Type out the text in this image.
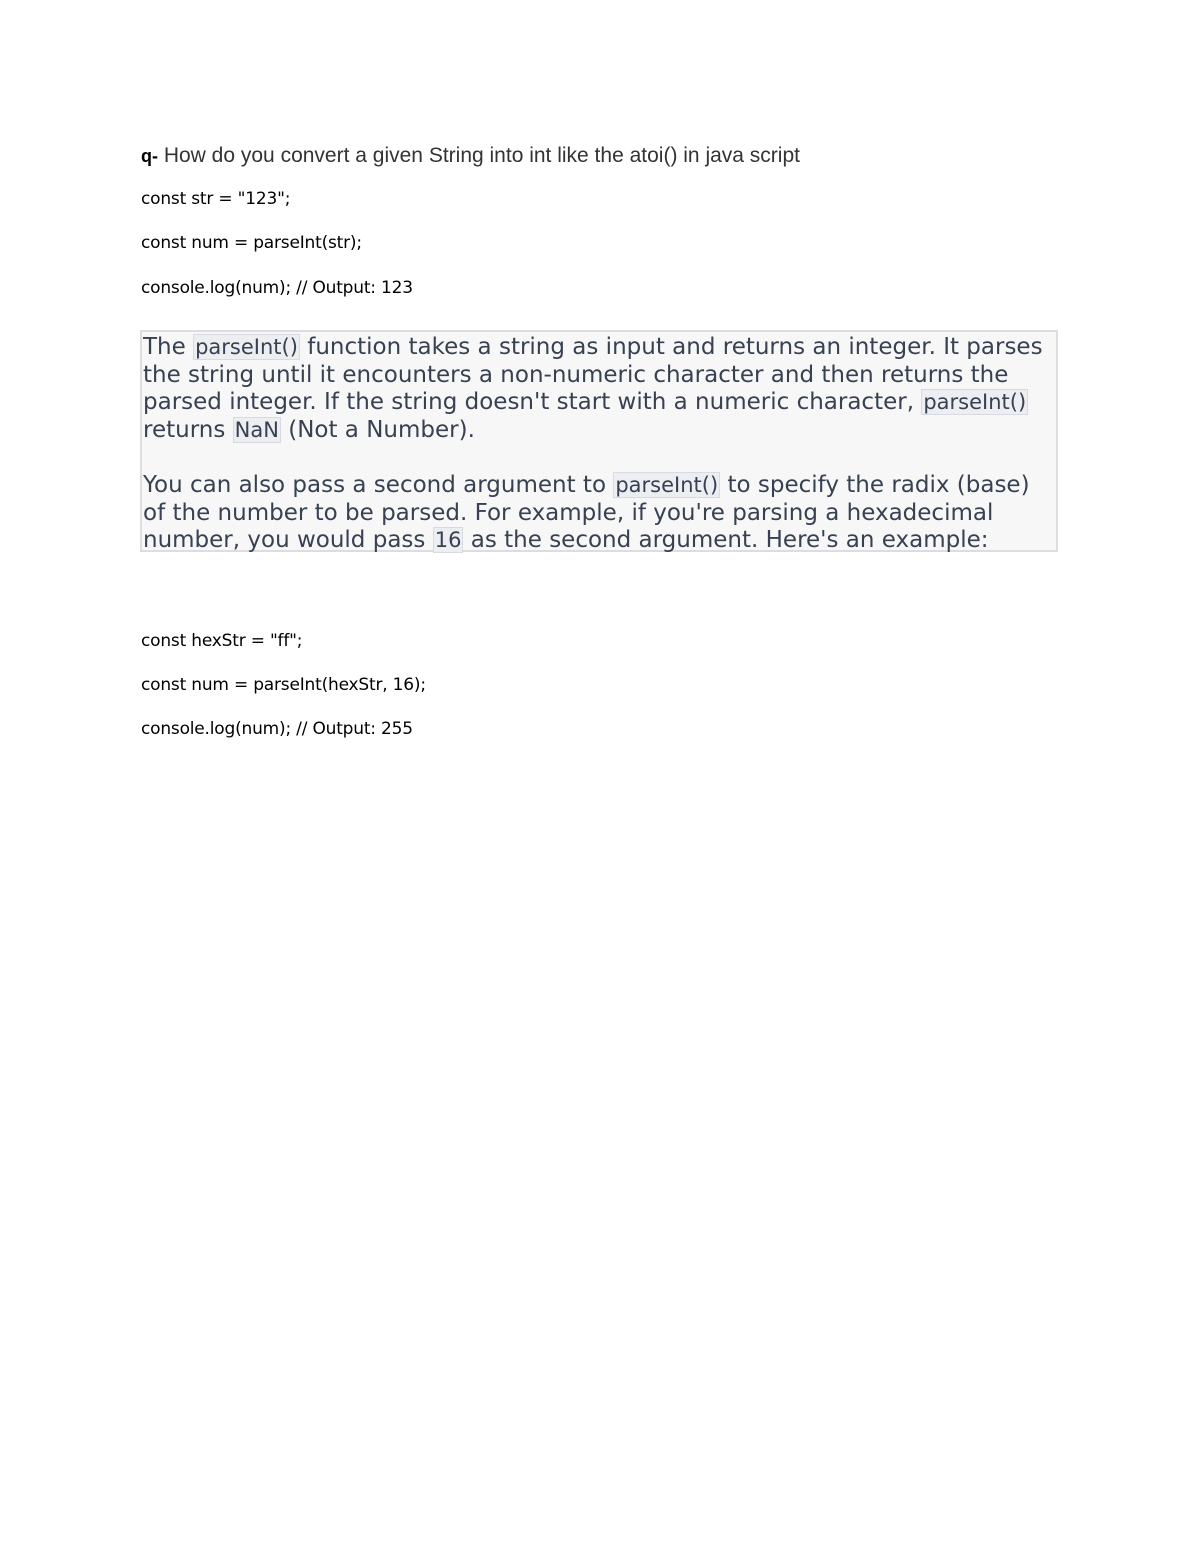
q- How do you convert a given String into int like the atoi() in java script
const str = "123";
const num = parseInt(str);
console.log(num); // Output: 123

The parseInt() function takes a string as input and returns an integer. It parses the string until it encounters a non-numeric character and then returns the parsed integer. If the string doesn't start with a numeric character, parseInt() returns NaN (Not a Number).

You can also pass a second argument to parseInt() to specify the radix (base) of the number to be parsed. For example, if you're parsing a hexadecimal number, you would pass 16 as the second argument. Here's an example:

const hexStr = "ff";
const num = parseInt(hexStr, 16);
console.log(num); // Output: 255
